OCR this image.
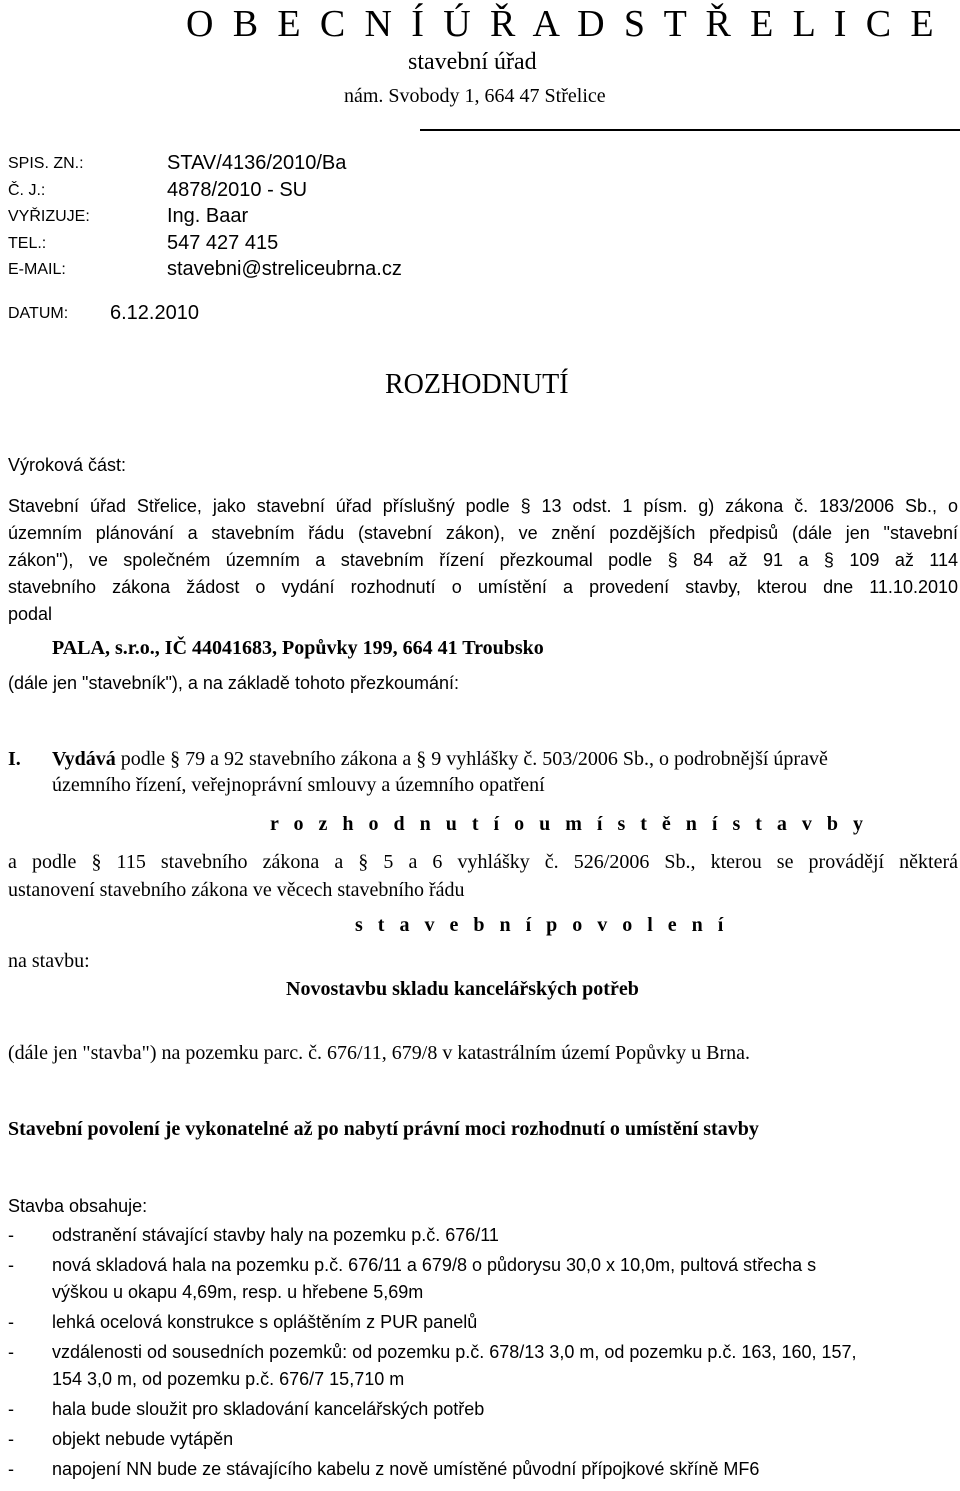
O B E C N Í Ú Ř A D S T Ř E L I C E
stavební úřad
nám. Svobody 1, 664 47 Střelice
SPIS. ZN.:	STAV/4136/2010/Ba
Č. J.:	4878/2010 - SU
VYŘIZUJE:	Ing. Baar
TEL.:	547 427 415
E-MAIL:	stavebni@streliceubrna.cz
DATUM: 6.12.2010
ROZHODNUTÍ
Výroková část:
Stavební úřad Střelice, jako stavební úřad příslušný podle § 13 odst. 1 písm. g) zákona č. 183/2006 Sb., o
územním plánování a stavebním řádu (stavební zákon), ve znění pozdějších předpisů (dále jen "stavební
zákon"), ve společném územním a stavebním řízení přezkoumal podle § 84 až 91 a § 109 až 114
stavebního zákona žádost o vydání rozhodnutí o umístění a provedení stavby, kterou dne 11.10.2010
podal
PALA, s.r.o., IČ 44041683, Popůvky 199, 664 41 Troubsko
(dále jen "stavebník"), a na základě tohoto přezkoumání:
I. Vydává podle § 79 a 92 stavebního zákona a § 9 vyhlášky č. 503/2006 Sb., o podrobnější úpravě
územního řízení, veřejnoprávní smlouvy a územního opatření
r o z h o d n u t í o u m í s t ě n í s t a v b y
a podle § 115 stavebního zákona a § 5 a 6 vyhlášky č. 526/2006 Sb., kterou se provádějí některá
ustanovení stavebního zákona ve věcech stavebního řádu
s t a v e b n í p o v o l e n í
na stavbu:
Novostavbu skladu kancelářských potřeb
(dále jen "stavba") na pozemku parc. č. 676/11, 679/8 v katastrálním území Popůvky u Brna.
Stavební povolení je vykonatelné až po nabytí právní moci rozhodnutí o umístění stavby
Stavba obsahuje:
- odstranění stávající stavby haly na pozemku p.č. 676/11
- nová skladová hala na pozemku p.č. 676/11 a 679/8 o půdorysu 30,0 x 10,0m, pultová střecha s
výškou u okapu 4,69m, resp. u hřebene 5,69m
- lehká ocelová konstrukce s opláštěním z PUR panelů
- vzdálenosti od sousedních pozemků: od pozemku p.č. 678/13 3,0 m, od pozemku p.č. 163, 160, 157,
154 3,0 m, od pozemku p.č. 676/7 15,710 m
- hala bude sloužit pro skladování kancelářských potřeb
- objekt nebude vytápěn
- napojení NN bude ze stávajícího kabelu z nově umístěné původní přípojkové skříně MF6
